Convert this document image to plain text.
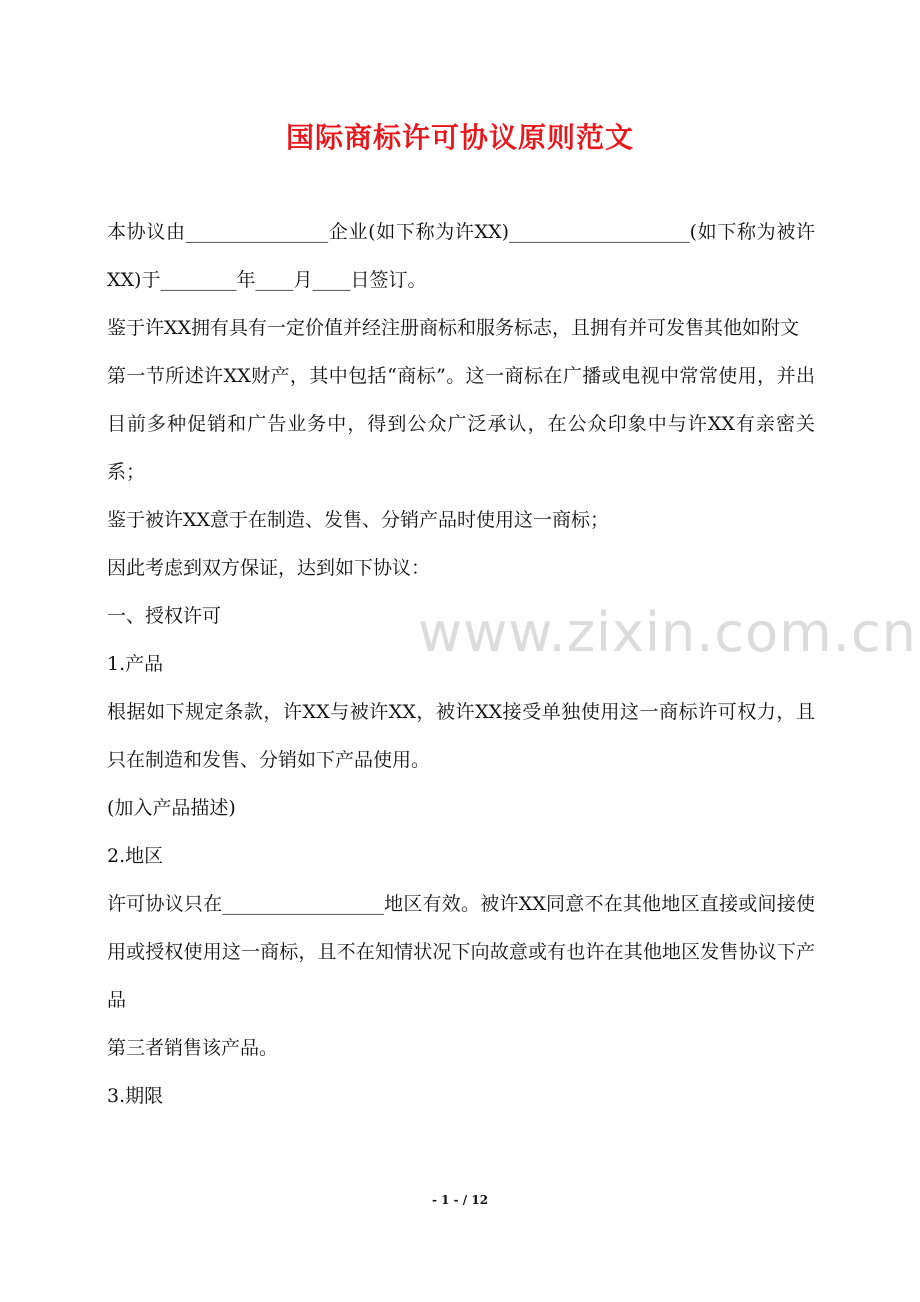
国际商标许可协议原则范文
www.zixin.com.cn

本协议由_______________企业(如下称为许XX)___________________(如下称为被许XX)于________年____月____日签订。

鉴于许XX拥有具有一定价值并经注册商标和服务标志，且拥有并可发售其他如附文

第一节所述许XX财产，其中包括“商标”。这一商标在广播或电视中常常使用，并出目前多种促销和广告业务中，得到公众广泛承认，在公众印象中与许XX有亲密关系；

鉴于被许XX意于在制造、发售、分销产品时使用这一商标；

因此考虑到双方保证，达到如下协议：

一、授权许可

1.产品

根据如下规定条款，许XX与被许XX，被许XX接受单独使用这一商标许可权力，且只在制造和发售、分销如下产品使用。

(加入产品描述)

2.地区

许可协议只在_________________地区有效。被许XX同意不在其他地区直接或间接使用或授权使用这一商标，且不在知情状况下向故意或有也许在其他地区发售协议下产品

第三者销售该产品。

3.期限

- 1 - / 12
